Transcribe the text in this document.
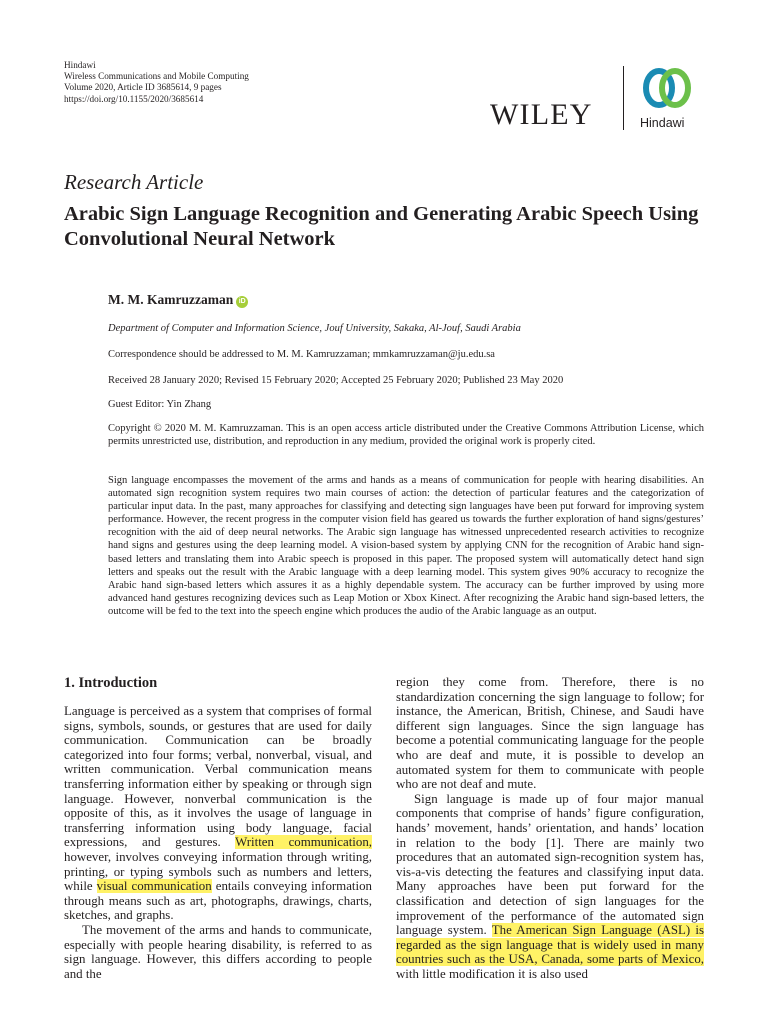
Hindawi
Wireless Communications and Mobile Computing
Volume 2020, Article ID 3685614, 9 pages
https://doi.org/10.1155/2020/3685614	WILEY	Hindawi
Research Article
Arabic Sign Language Recognition and Generating Arabic Speech Using Convolutional Neural Network
M. M. Kamruzzaman iD
Department of Computer and Information Science, Jouf University, Sakaka, Al-Jouf, Saudi Arabia
Correspondence should be addressed to M. M. Kamruzzaman; mmkamruzzaman@ju.edu.sa
Received 28 January 2020; Revised 15 February 2020; Accepted 25 February 2020; Published 23 May 2020
Guest Editor: Yin Zhang
Copyright © 2020 M. M. Kamruzzaman. This is an open access article distributed under the Creative Commons Attribution License, which permits unrestricted use, distribution, and reproduction in any medium, provided the original work is properly cited.
Sign language encompasses the movement of the arms and hands as a means of communication for people with hearing disabilities. An automated sign recognition system requires two main courses of action: the detection of particular features and the categorization of particular input data. In the past, many approaches for classifying and detecting sign languages have been put forward for improving system performance. However, the recent progress in the computer vision field has geared us towards the further exploration of hand signs/gestures’ recognition with the aid of deep neural networks. The Arabic sign language has witnessed unprecedented research activities to recognize hand signs and gestures using the deep learning model. A vision-based system by applying CNN for the recognition of Arabic hand sign-based letters and translating them into Arabic speech is proposed in this paper. The proposed system will automatically detect hand sign letters and speaks out the result with the Arabic language with a deep learning model. This system gives 90% accuracy to recognize the Arabic hand sign-based letters which assures it as a highly dependable system. The accuracy can be further improved by using more advanced hand gestures recognizing devices such as Leap Motion or Xbox Kinect. After recognizing the Arabic hand sign-based letters, the outcome will be fed to the text into the speech engine which produces the audio of the Arabic language as an output.
1. Introduction

Language is perceived as a system that comprises of formal signs, symbols, sounds, or gestures that are used for daily communication. Communication can be broadly categorized into four forms; verbal, nonverbal, visual, and written communication. Verbal communication means transferring information either by speaking or through sign language. However, nonverbal communication is the opposite of this, as it involves the usage of language in transferring information using body language, facial expressions, and gestures. Written communication, however, involves conveying information through writing, printing, or typing symbols such as numbers and letters, while visual communication entails conveying information through means such as art, photographs, drawings, charts, sketches, and graphs.

The movement of the arms and hands to communicate, especially with people hearing disability, is referred to as sign language. However, this differs according to people and the

region they come from. Therefore, there is no standardization concerning the sign language to follow; for instance, the American, British, Chinese, and Saudi have different sign languages. Since the sign language has become a potential communicating language for the people who are deaf and mute, it is possible to develop an automated system for them to communicate with people who are not deaf and mute.

Sign language is made up of four major manual components that comprise of hands’ figure configuration, hands’ movement, hands’ orientation, and hands’ location in relation to the body [1]. There are mainly two procedures that an automated sign-recognition system has, vis-a-vis detecting the features and classifying input data. Many approaches have been put forward for the classification and detection of sign languages for the improvement of the performance of the automated sign language system. The American Sign Language (ASL) is regarded as the sign language that is widely used in many countries such as the USA, Canada, some parts of Mexico, with little modification it is also used
